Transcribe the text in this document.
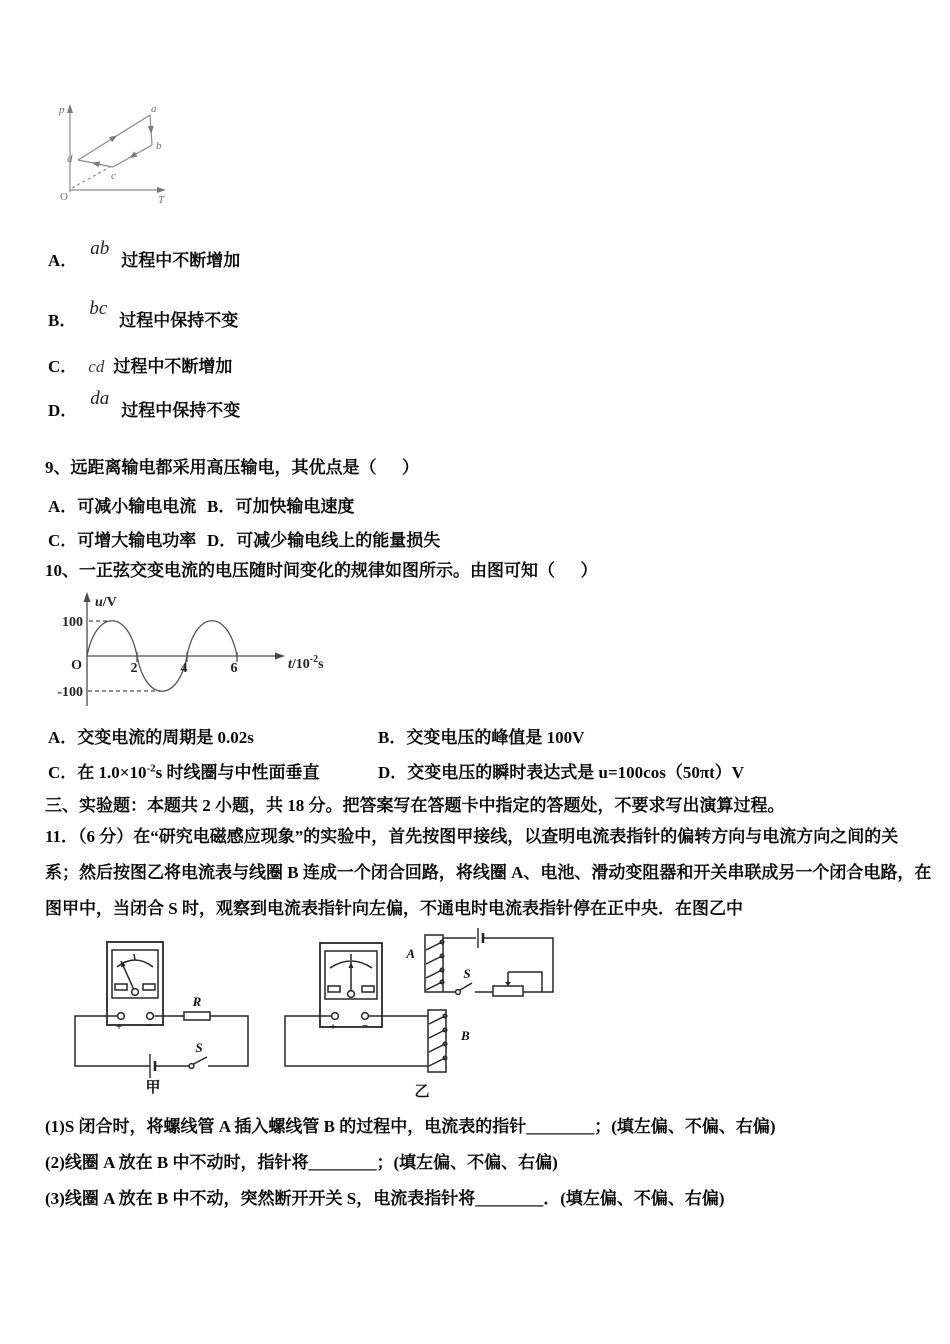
p
T
O
a
b
c
d
A．ab过程中不断增加
B．bc过程中保持不变
C． cd 过程中不断增加
D．da过程中保持不变
9、远距离输电都采用高压输电，其优点是（      ）
A．可减小输电电流 B．可加快输电速度
C．可增大输电功率 D．可减少输电线上的能量损失
10、一正弦交变电流的电压随时间变化的规律如图所示。由图可知（      ）
u/V
100
-100
O	2	4	6	$t/10^{-2}s$
A．交变电流的周期是 0.02s	B．交变电压的峰值是 100V
C．在 $1.0\times 10^{-2}s$ 时线圈与中性面垂直	D．交变电压的瞬时表达式是 u=100cos（50πt）V
三、实验题：本题共 2 小题，共 18 分。把答案写在答题卡中指定的答题处，不要求写出演算过程。
11．（6 分）在“研究电磁感应现象”的实验中，首先按图甲接线，以查明电流表指针的偏转方向与电流方向之间的关
系；然后按图乙将电流表与线圈 B 连成一个闭合回路，将线圈 A、电池、滑动变阻器和开关串联成另一个闭合电路，在
图甲中，当闭合 S 时，观察到电流表指针向左偏，不通电时电流表指针停在正中央．在图乙中
R
S
+ −
甲
A
S
B
+ −
乙
(1)S 闭合时，将螺线管 A 插入螺线管 B 的过程中，电流表的指针________；(填左偏、不偏、右偏)
(2)线圈 A 放在 B 中不动时，指针将________；(填左偏、不偏、右偏)
(3)线圈 A 放在 B 中不动，突然断开开关 S，电流表指针将________．(填左偏、不偏、右偏)
